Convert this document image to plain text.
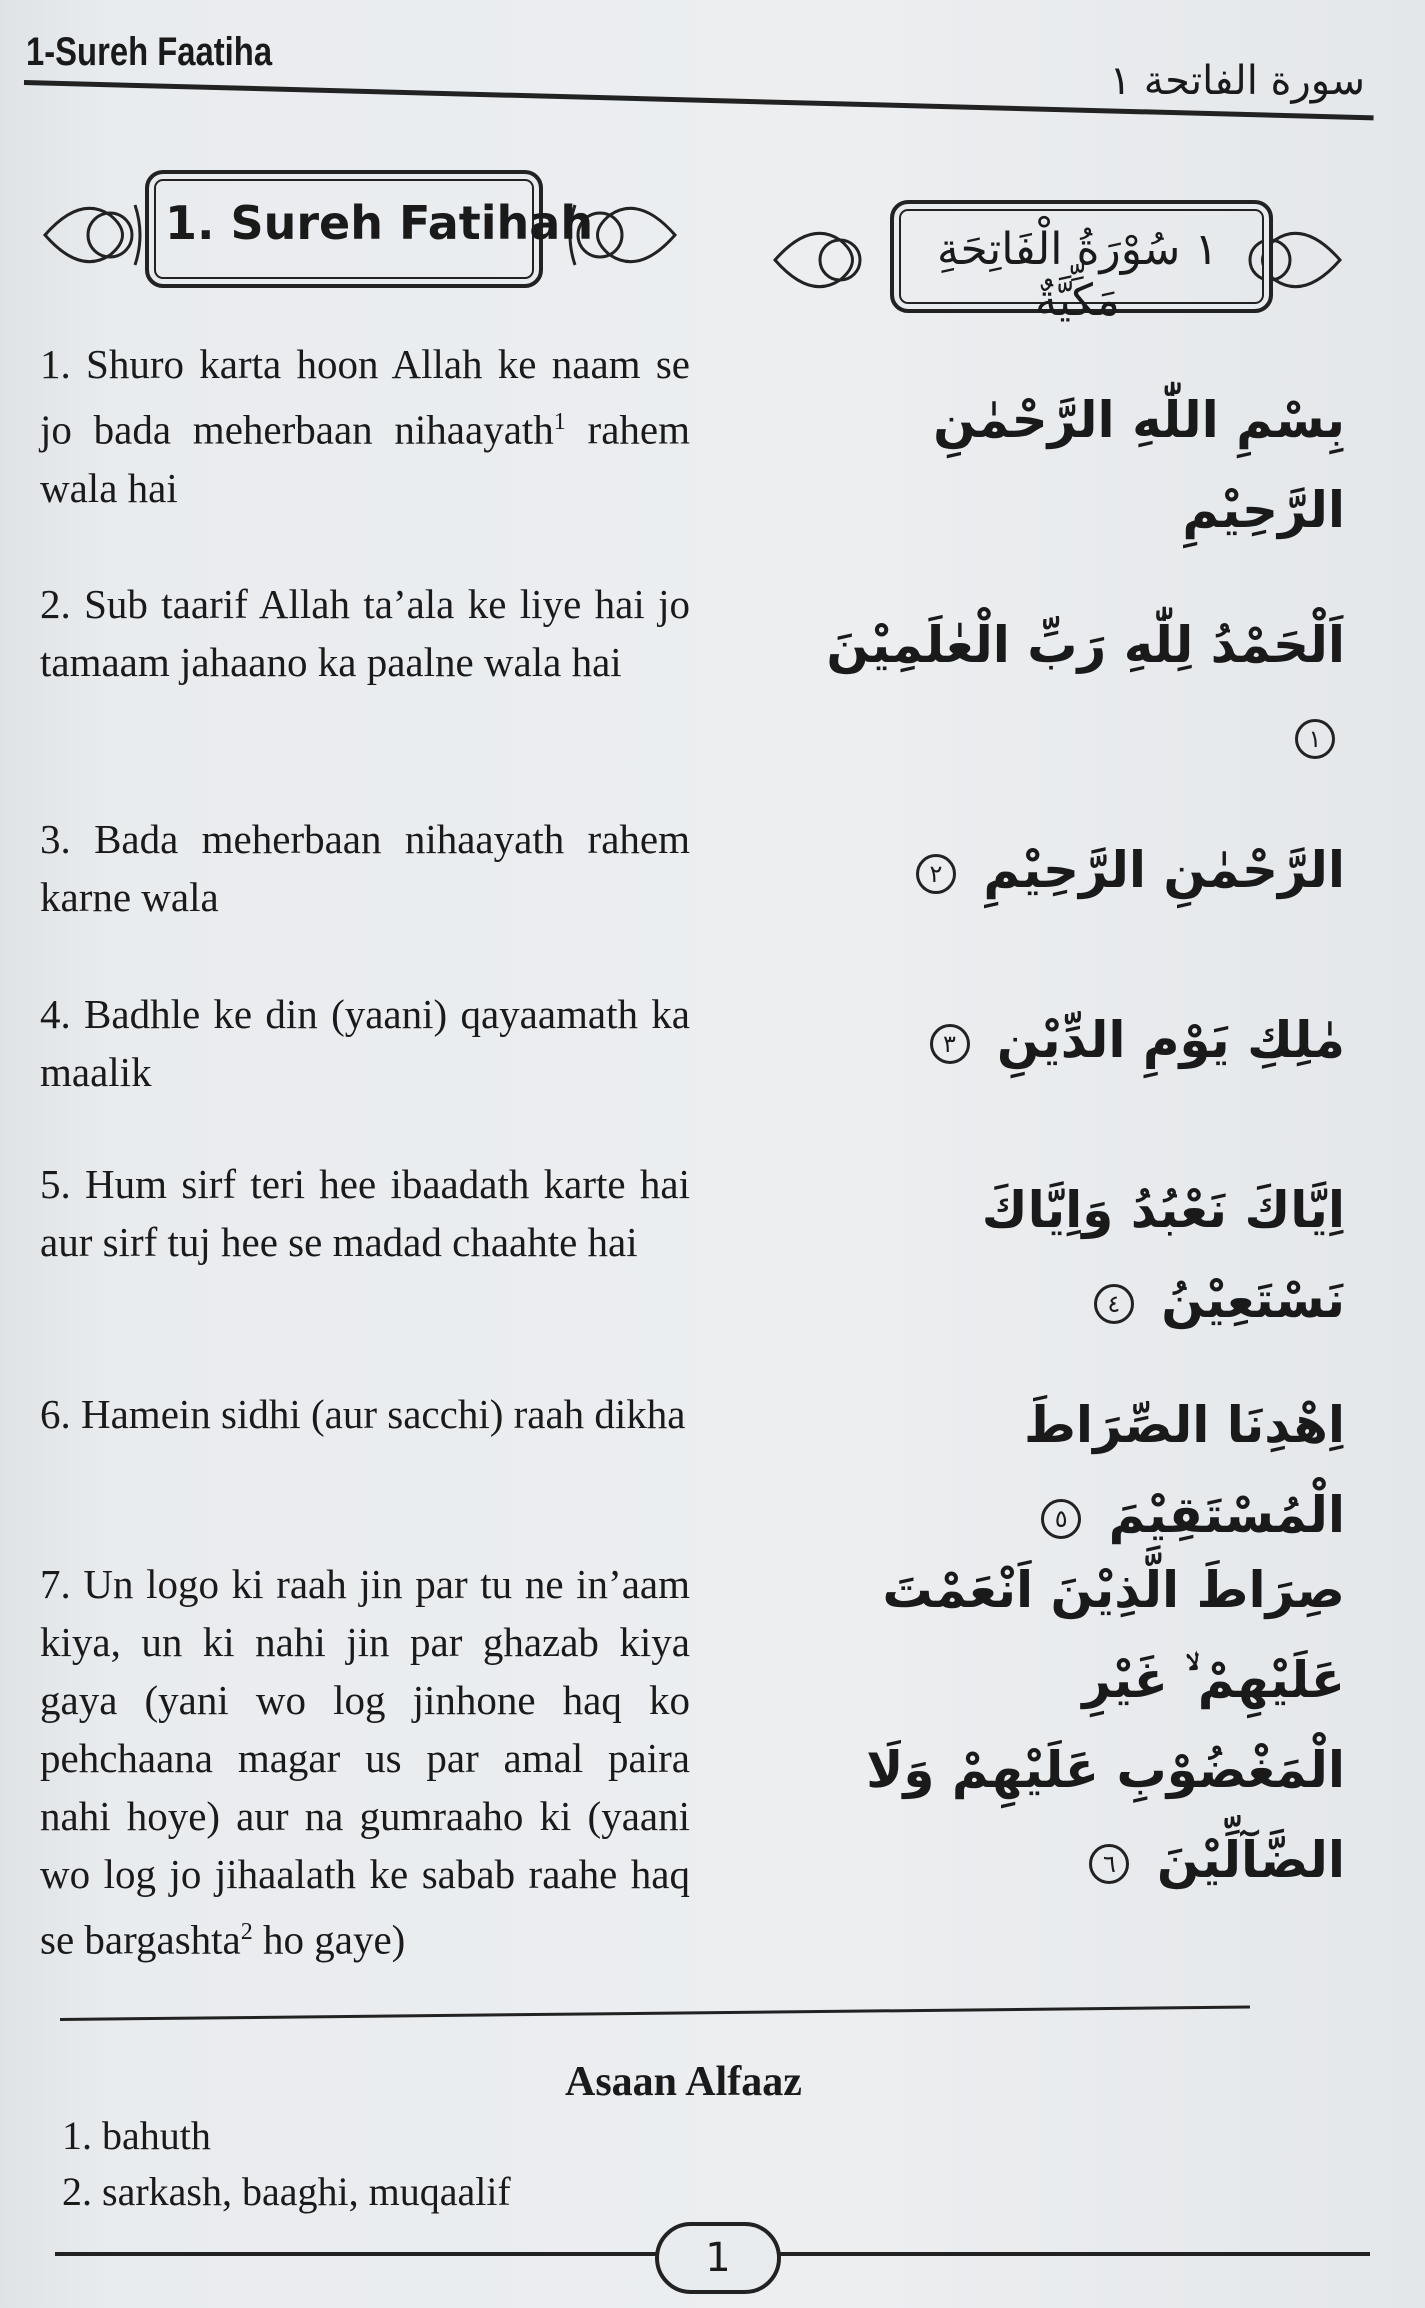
1-Sureh Faatiha
سورة الفاتحة ١
1. Sureh Fatihah	١ سُوْرَةُ الْفَاتِحَةِ مَكِّيَّةٌ
1. Shuro karta hoon Allah ke naam se jo bada meherbaan nihaayath$^1$ rahem wala hai
بِسْمِ اللّٰهِ الرَّحْمٰنِ الرَّحِيْمِ
2. Sub taarif Allah ta’ala ke liye hai jo tamaam jahaano ka paalne wala hai	اَلْحَمْدُ لِلّٰهِ رَبِّ الْعٰلَمِيْنَ ١
3. Bada meherbaan nihaayath rahem karne wala	الرَّحْمٰنِ الرَّحِيْمِ ٢
4. Badhle ke din (yaani) qayaamath ka maalik
مٰلِكِ يَوْمِ الدِّيْنِ ٣
5. Hum sirf teri hee ibaadath karte hai aur sirf tuj hee se madad chaahte hai
اِيَّاكَ نَعْبُدُ وَاِيَّاكَ نَسْتَعِيْنُ ٤
6. Hamein sidhi (aur sacchi) raah dikha	اِهْدِنَا الصِّرَاطَ الْمُسْتَقِيْمَ ٥
7. Un logo ki raah jin par tu ne in’aam kiya, un ki nahi jin par ghazab kiya gaya (yani wo log jinhone haq ko pehchaana magar us par amal paira nahi hoye) aur na gumraaho ki (yaani wo log jo jihaalath ke sabab raahe haq se bargashta$^2$ ho gaye)
صِرَاطَ الَّذِيْنَ اَنْعَمْتَ عَلَيْهِمْ ۙ غَيْرِ
الْمَغْضُوْبِ عَلَيْهِمْ وَلَا الضَّآلِّيْنَ ٦
Asaan Alfaaz
1. bahuth
2. sarkash, baaghi, muqaalif
1
